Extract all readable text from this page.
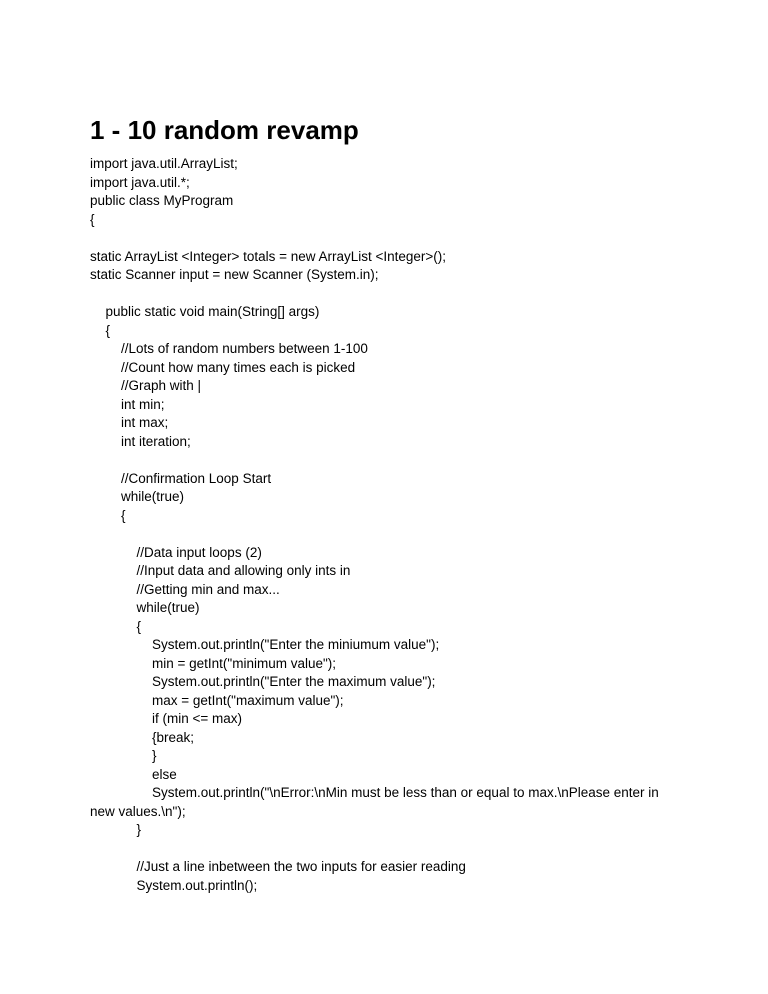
1 - 10 random revamp
import java.util.ArrayList;
import java.util.*;
public class MyProgram
{
static ArrayList <Integer> totals = new ArrayList <Integer>();
static Scanner input = new Scanner (System.in);
public static void main(String[] args)
{
//Lots of random numbers between 1-100
//Count how many times each is picked
//Graph with |
int min;
int max;
int iteration;
//Confirmation Loop Start
while(true)
{
//Data input loops (2)
//Input data and allowing only ints in
//Getting min and max...
while(true)
{
System.out.println("Enter the miniumum value");
min = getInt("minimum value");
System.out.println("Enter the maximum value");
max = getInt("maximum value");
if (min <= max)
{break;
}
else
System.out.println("\nError:\nMin must be less than or equal to max.\nPlease enter in
new values.\n");
}
//Just a line inbetween the two inputs for easier reading
System.out.println();
